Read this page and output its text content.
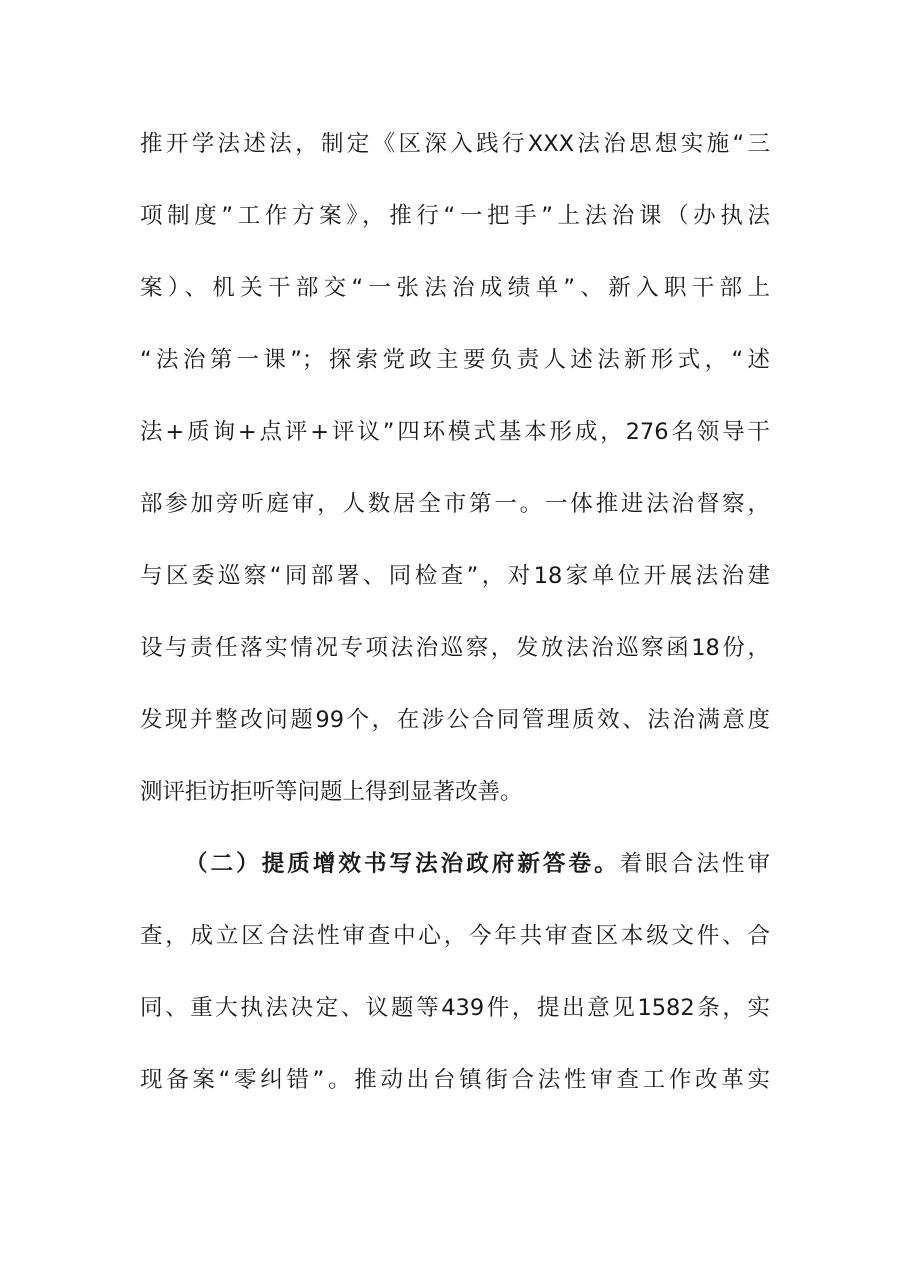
推开学法述法，制定《区深入践行XXX法治思想实施“三
项制度”工作方案》，推行“一把手”上法治课（办执法
案）、机关干部交“一张法治成绩单”、新入职干部上
“法治第一课”；探索党政主要负责人述法新形式，“述
法+质询+点评+评议”四环模式基本形成，276名领导干
部参加旁听庭审，人数居全市第一。一体推进法治督察，
与区委巡察“同部署、同检查”，对18家单位开展法治建
设与责任落实情况专项法治巡察，发放法治巡察函18份，
发现并整改问题99个，在涉公合同管理质效、法治满意度
测评拒访拒听等问题上得到显著改善。
（二）提质增效书写法治政府新答卷。着眼合法性审
查，成立区合法性审查中心，今年共审查区本级文件、合
同、重大执法决定、议题等439件，提出意见1582条，实
现备案“零纠错”。推动出台镇街合法性审查工作改革实
